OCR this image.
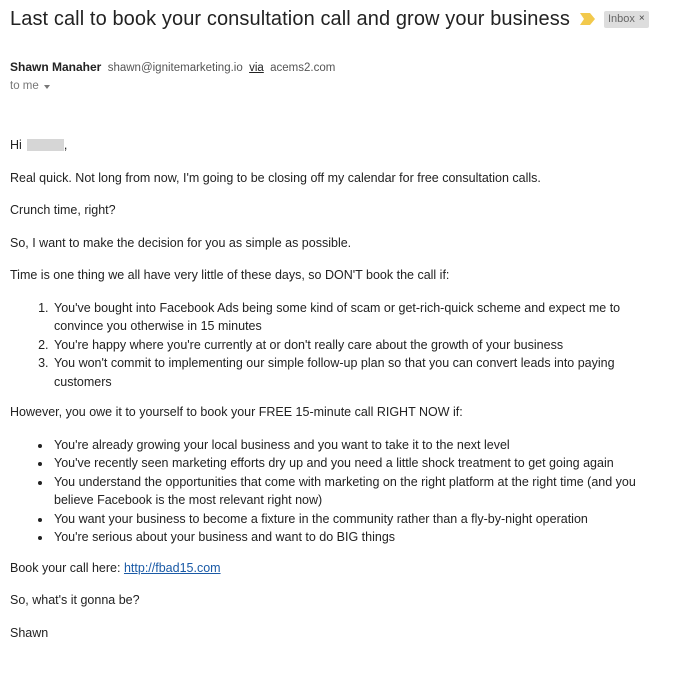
Last call to book your consultation call and grow your business	Inbox ×
Shawn Manaher shawn@ignitemarketing.io via acems2.com
to me

Hi	,

Real quick. Not long from now, I'm going to be closing off my calendar for free consultation calls.

Crunch time, right?

So, I want to make the decision for you as simple as possible.

Time is one thing we all have very little of these days, so DON'T book the call if:

1. You've bought into Facebook Ads being some kind of scam or get-rich-quick scheme and expect me to convince you otherwise in 15 minutes
2. You're happy where you're currently at or don't really care about the growth of your business
3. You won't commit to implementing our simple follow-up plan so that you can convert leads into paying customers

However, you owe it to yourself to book your FREE 15-minute call RIGHT NOW if:

• You're already growing your local business and you want to take it to the next level
• You've recently seen marketing efforts dry up and you need a little shock treatment to get going again
• You understand the opportunities that come with marketing on the right platform at the right time (and you believe Facebook is the most relevant right now)
• You want your business to become a fixture in the community rather than a fly-by-night operation
• You're serious about your business and want to do BIG things

Book your call here: http://fbad15.com

So, what's it gonna be?

Shawn
